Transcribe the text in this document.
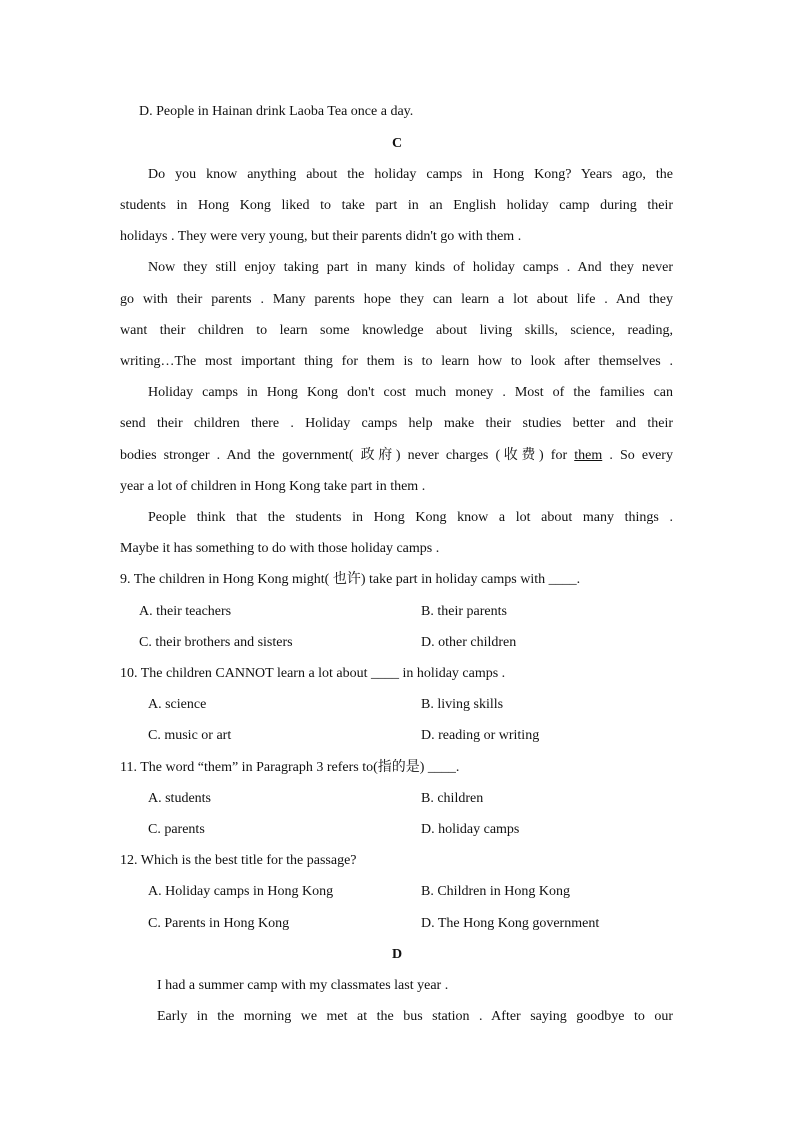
D. People in Hainan drink Laoba Tea once a day.
C
Do you know anything about the holiday camps in Hong Kong? Years ago, the
students in Hong Kong liked to take part in an English holiday camp during their
holidays . They were very young, but their parents didn't go with them .
Now they still enjoy taking part in many kinds of holiday camps . And they never
go with their parents . Many parents hope they can learn a lot about life . And they
want their children to learn some knowledge about living skills, science, reading,
writing…The most important thing for them is to learn how to look after themselves .
Holiday camps in Hong Kong don't cost much money . Most of the families can
send their children there . Holiday camps help make their studies better and their
bodies stronger . And the government( 政府) never charges (收费) for them . So every
year a lot of children in Hong Kong take part in them .
People think that the students in Hong Kong know a lot about many things .
Maybe it has something to do with those holiday camps .
9. The children in Hong Kong might( 也许) take part in holiday camps with ____.
A. their teachers	B. their parents
C. their brothers and sisters	D. other children
10. The children CANNOT learn a lot about ____ in holiday camps .
A. science	B. living skills
C. music or art	D. reading or writing
11. The word “them” in Paragraph 3 refers to(指的是) ____.
A. students	B. children
C. parents	D. holiday camps
12. Which is the best title for the passage?
A. Holiday camps in Hong Kong	B. Children in Hong Kong
C. Parents in Hong Kong	D. The Hong Kong government
D
I had a summer camp with my classmates last year .
Early in the morning we met at the bus station . After saying goodbye to our
